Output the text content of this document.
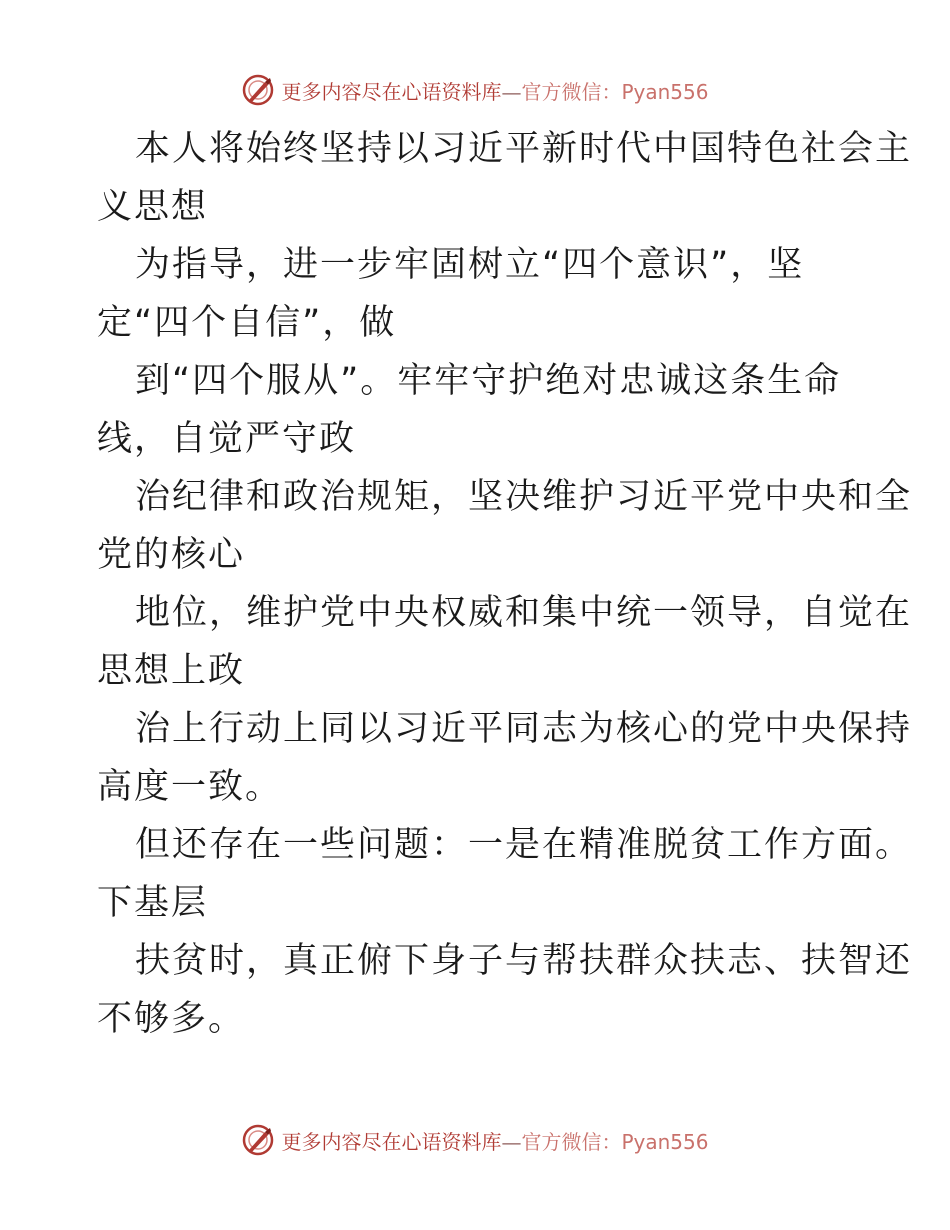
更多内容尽在心语资料库—官方微信：Pyan556
本人将始终坚持以习近平新时代中国特色社会主
义思想
为指导，进一步牢固树立“四个意识”，坚
定“四个自信”，做
到“四个服从”。牢牢守护绝对忠诚这条生命
线，自觉严守政
治纪律和政治规矩，坚决维护习近平党中央和全
党的核心
地位，维护党中央权威和集中统一领导，自觉在
思想上政
治上行动上同以习近平同志为核心的党中央保持
高度一致。
但还存在一些问题：一是在精准脱贫工作方面。
下基层
扶贫时，真正俯下身子与帮扶群众扶志、扶智还
不够多。
更多内容尽在心语资料库—官方微信：Pyan556
